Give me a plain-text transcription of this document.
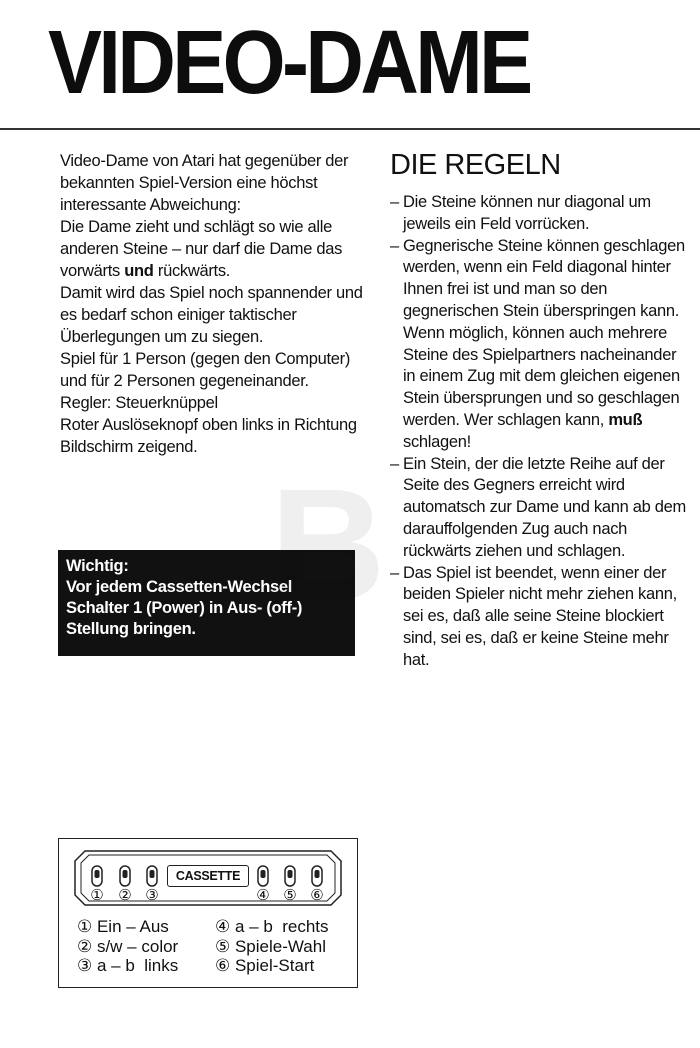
VIDEO-DAME

Video-Dame von Atari hat gegenüber der bekannten Spiel-Version eine höchst interessante Abweichung:

Die Dame zieht und schlägt so wie alle anderen Steine – nur darf die Dame das vorwärts und rückwärts.

Damit wird das Spiel noch spannender und es bedarf schon einiger taktischer Überlegungen um zu siegen.

Spiel für 1 Person (gegen den Computer) und für 2 Personen gegeneinander.

Regler: Steuerknüppel

Roter Auslöseknopf oben links in Richtung Bildschirm zeigend.

Wichtig:

Vor jedem Cassetten-Wechsel Schalter 1 (Power) in Aus- (off-) Stellung bringen.

DIE REGELN
– Die Steine können nur diagonal um jeweils ein Feld vorrücken.
– Gegnerische Steine können geschlagen werden, wenn ein Feld diagonal hinter Ihnen frei ist und man so den gegnerischen Stein überspringen kann. Wenn möglich, können auch mehrere Steine des Spielpartners nacheinander in einem Zug mit dem gleichen eigenen Stein übersprungen und so geschlagen werden. Wer schlagen kann, muß schlagen!
– Ein Stein, der die letzte Reihe auf der Seite des Gegners erreicht wird automatsch zur Dame und kann ab dem darauffolgenden Zug auch nach rückwärts ziehen und schlagen.
– Das Spiel ist beendet, wenn einer der beiden Spieler nicht mehr ziehen kann, sei es, daß alle seine Steine blockiert sind, sei es, daß er keine Steine mehr hat.
CASSETTE
① ② ③	④ ⑤ ⑥
① Ein – Aus	④ a – b  rechts
② s/w – color	⑤ Spiele-Wahl
③ a – b  links	⑥ Spiel-Start
B
